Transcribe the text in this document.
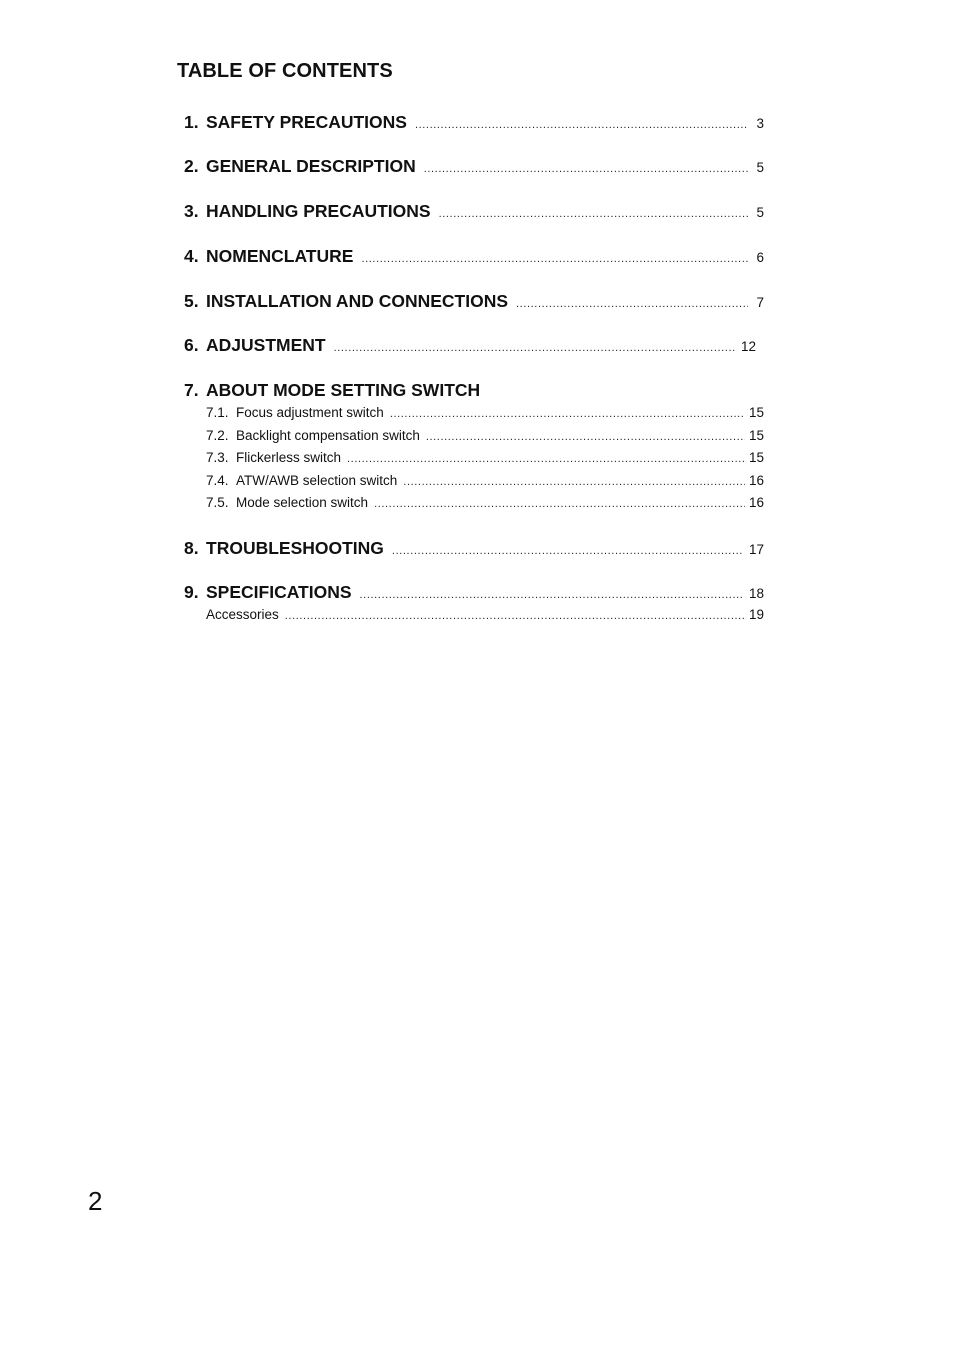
TABLE OF CONTENTS
1. SAFETY PRECAUTIONS .....	3
2. GENERAL DESCRIPTION .....	5
3. HANDLING PRECAUTIONS .....	5
4. NOMENCLATURE .....	6
5. INSTALLATION AND CONNECTIONS .....	7
6. ADJUSTMENT .....	12
7. ABOUT MODE SETTING SWITCH
7.1. Focus adjustment switch .....	15
7.2. Backlight compensation switch .....	15
7.3. Flickerless switch .....	15
7.4. ATW/AWB selection switch .....	16
7.5. Mode selection switch .....	16
8. TROUBLESHOOTING .....	17
9. SPECIFICATIONS .....	18
Accessories .....	19
2
